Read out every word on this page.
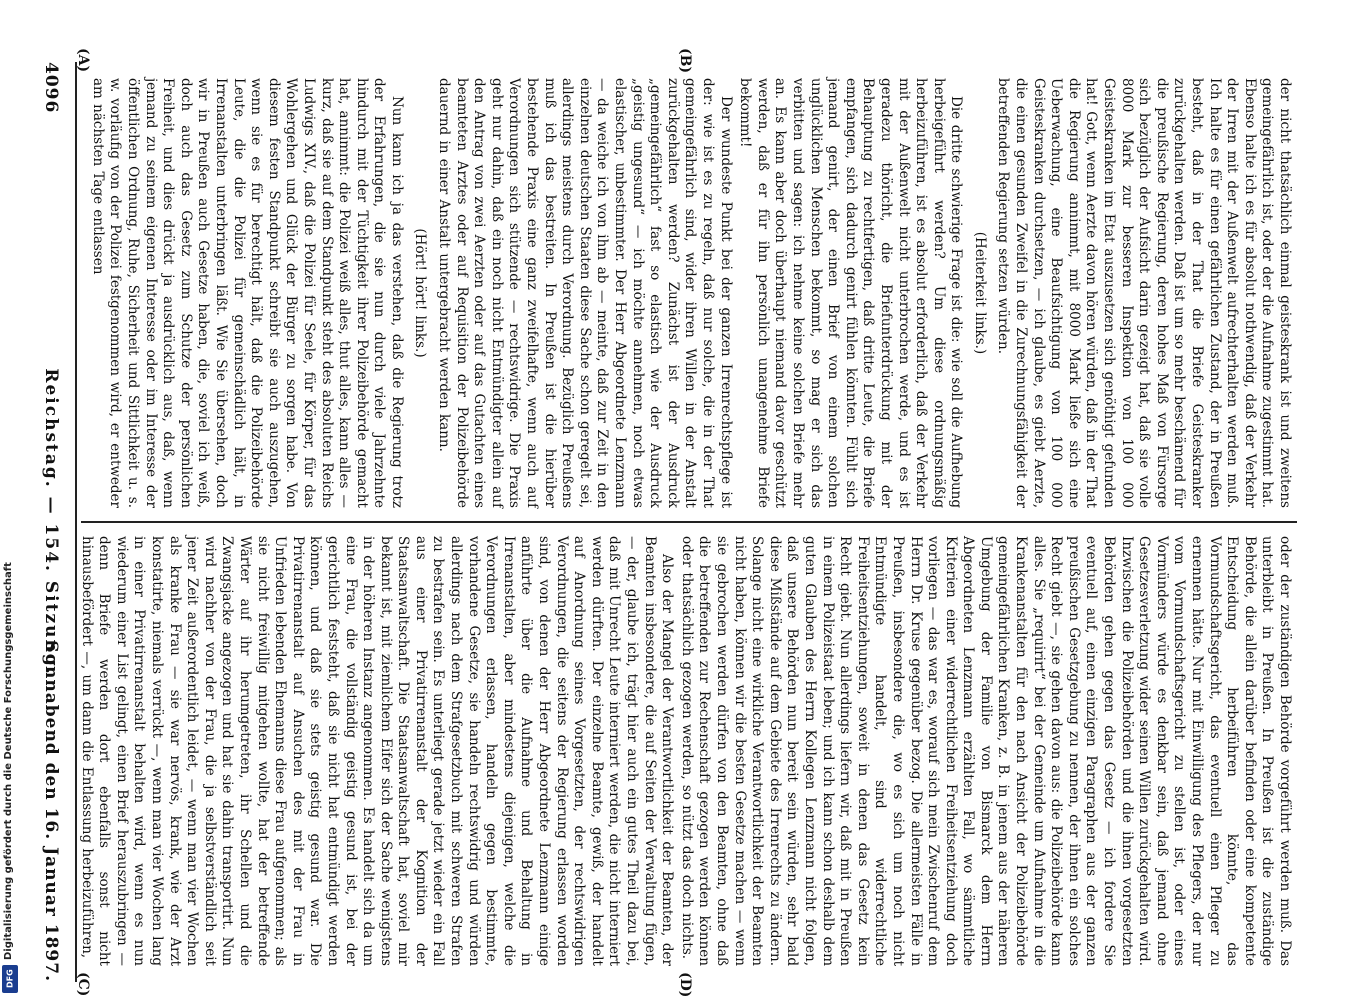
4096
Reichstag. — 154. Sitzung.
Sonnabend den 16. Januar 1897.
(A)	(B)
(C)	(D)

der nicht thatsächlich einmal geisteskrank ist und zweitens gemeingefährlich ist, oder der die Aufnahme zugestimmt hat. Ebenso halte ich es für absolut nothwendig, daß der Verkehr der Irren mit der Außenwelt aufrechterhalten werden muß. Ich halte es für einen gefährlichen Zustand, der in Preußen besteht, daß in der That die Briefe Geisteskranker zurückgehalten werden. Daß ist um so mehr beschämend für die preußische Regierung, deren hohes Maß von Fürsorge sich bezüglich der Aufsicht darin gezeigt hat, daß sie volle 8000 Mark zur besseren Inspektion von 100 000 Geisteskranken im Etat auszusetzen sich genöthigt gefunden hat! Gott, wenn Aerzte davon hören würden, daß in der That die Regierung annimmt, mit 8000 Mark ließe sich eine Ueberwachung, eine Beaufsichtigung von 100 000 Geisteskranken durchsetzen, — ich glaube, es giebt Aerzte, die einen gesunden Zweifel in die Zurechnungsfähigkeit der betreffenden Regierung setzen würden.

(Heiterkeit links.)

Die dritte schwierige Frage ist die: wie soll die Aufhebung herbeigeführt werden? Um diese ordnungsmäßig herbeizuführen, ist es absolut erforderlich, daß der Verkehr mit der Außenwelt nicht unterbrochen werde, und es ist geradezu thöricht, die Briefunterdrückung mit der Behauptung zu rechtfertigen, daß dritte Leute, die Briefe empfangen, sich dadurch genirt fühlen könnten. Fühlt sich jemand genirt, der einen Brief von einem solchen unglücklichen Menschen bekommt, so mag er sich das verbitten und sagen: ich nehme keine solchen Briefe mehr an. Es kann aber doch überhaupt niemand davor geschützt werden, daß er für ihn persönlich unangenehme Briefe bekommt!

Der wundeste Punkt bei der ganzen Irrenrechtspflege ist der: wie ist es zu regeln, daß nur solche, die in der That gemeingefährlich sind, wider ihren Willen in der Anstalt zurückgehalten werden? Zunächst ist der Ausdruck „gemeingefährlich“ fast so elastisch wie der Ausdruck „geistig ungesund“ — ich möchte annehmen, noch etwas elastischer, unbestimmter. Der Herr Abgeordnete Lenzmann — da weiche ich von ihm ab — meinte, daß zur Zeit in den einzelnen deutschen Staaten diese Sache schon geregelt sei, allerdings meistens durch Verordnung. Bezüglich Preußens muß ich das bestreiten. In Preußen ist die hierüber bestehende Praxis eine ganz zweifelhafte, wenn auch auf Verordnungen sich stützende — rechtswidrige. Die Praxis geht nur dahin, daß ein noch nicht Entmündigter allein auf den Antrag von zwei Aerzten oder auf das Gutachten eines beamteten Arztes oder auf Requisition der Polizeibehörde dauernd in einer Anstalt untergebracht werden kann.

(Hört! hört! links.)

Nun kann ich ja das verstehen, daß die Regierung trotz der Erfahrungen, die sie nun durch viele Jahrzehnte hindurch mit der Tüchtigkeit ihrer Polizeibehörde gemacht hat, annimmt: die Polizei weiß alles, thut alles, kann alles — kurz, daß sie auf dem Standpunkt steht des absoluten Reichs Ludwigs XIV., daß die Polizei für Seele, für Körper, für das Wohlergehen und Glück der Bürger zu sorgen habe. Von diesem festen Standpunkt schreibt sie auch auszugehen, wenn sie es für berechtigt hält, daß die Polizeibehörde Leute, die die Polizei für gemeinschädlich hält, in Irrenanstalten unterbringen läßt. Wie Sie übersehen, doch wir in Preußen auch Gesetze haben, die, soviel ich weiß, doch auch das Gesetz zum Schutze der persönlichen Freiheit, und dies drückt ja ausdrücklich aus, daß, wenn jemand zu seinem eigenen Interesse oder im Interesse der öffentlichen Ordnung, Ruhe, Sicherheit und Sittlichkeit u. s. w. vorläufig von der Polizei festgenommen wird, er entweder am nächsten Tage entlassen

oder der zuständigen Behörde vorgeführt werden muß. Das unterbleibt in Preußen. In Preußen ist die zuständige Behörde, die allein darüber befinden oder eine kompetente Entscheidung herbeiführen könnte, das Vormundschaftsgericht, das eventuell einen Pfleger zu ernennen hätte. Nur mit Einwilligung des Pflegers, der nur vom Vormundschaftsgericht zu stellen ist, oder eines Vormünders würde es denkbar sein, daß jemand ohne Gesetzesverletzung wider seinen Willen zurückgehalten wird. Inzwischen die Polizeibehörden und die ihnen vorgesetzten Behörden gehen gegen das Gesetz — ich fordere Sie eventuell auf, einen einzigen Paragraphen aus der ganzen preußischen Gesetzgebung zu nennen, der ihnen ein solches Recht giebt —, sie gehen davon aus: die Polizeibehörde kann alles. Sie „requirirt“ bei der Gemeinde um Aufnahme in die Krankenanstalten für den nach Ansicht der Polizeibehörde gemeingefährlichen Kranken, z. B. in jenem aus der näheren Umgebung der Familie von Bismarck dem Herrn Abgeordneten Lenzmann erzählten Fall, wo sämmtliche Kriterien einer widerrechtlichen Freiheitsentziehung doch vorliegen — das war es, worauf sich mein Zwischenruf dem Herrn Dr. Kruse gegenüber bezog. Die allermeisten Fälle in Preußen, insbesondere die, wo es sich um noch nicht Entmündigte handelt, sind widerrechtliche Freiheitsentziehungen, soweit in denen das Gesetz kein Recht giebt. Nun allerdings liefern wir, daß mit in Preußen in einem Polizeistaat leben; und ich kann schon deshalb dem guten Glauben des Herrn Kollegen Lenzmann nicht folgen, daß unsere Behörden nun bereit sein würden, sehr bald diese Mißstände auf dem Gebiete des Irrenrechts zu ändern. Solange nicht eine wirkliche Verantwortlichkeit der Beamten nicht haben, können wir die besten Gesetze machen — wenn sie gebrochen werden dürfen von den Beamten, ohne daß die betreffenden zur Rechenschaft gezogen werden können oder thatsächlich gezogen werden, so nützt das doch nichts.

Also der Mangel der Verantwortlichkeit der Beamten, der Beamten insbesondere, die auf Seiten der Verwaltung fügen, — der, glaube ich, trägt hier auch ein gutes Theil dazu bei, daß mit Unrecht Leute interniert werden, die nicht interniert werden dürften. Der einzelne Beamte, gewiß, der handelt auf Anordnung seines Vorgesetzten, der rechtswidrigen Verordnungen, die seitens der Regierung erlassen worden sind, von denen der Herr Abgeordnete Lenzmann einige anführte über die Aufnahme und Behaltung in Irrenanstalten, aber mindestens diejenigen, welche die Verordnungen erlassen, handeln gegen bestimmte, vorhandene Gesetze, sie handeln rechtswidrig und würden allerdings nach dem Strafgesetzbuch mit schweren Strafen zu bestrafen sein. Es unterliegt gerade jetzt wieder ein Fall aus einer Privatirrenanstalt der Kognition der Staatsanwaltschaft. Die Staatsanwaltschaft hat, soviel mir bekannt ist, mit ziemlichem Eifer sich der Sache wenigstens in der höheren Instanz angenommen. Es handelt sich da um eine Frau, die vollständig geistig gesund ist, bei der gerichtlich feststeht, daß sie nicht hat entmündigt werden können, und daß sie stets geistig gesund war. Die Privatirrenanstalt auf Ansuchen des mit der Frau in Unfrieden lebenden Ehemanns diese Frau aufgenommen; als sie nicht freiwillig mitgehen wollte, hat der betreffende Wärter auf ihr herumgetreten, ihr Schellen und die Zwangsjacke angezogen und hat sie dahin transportirt. Nun wird nachher von der Frau, die ja selbstverständlich seit jener Zeit außerordentlich leidet, — wenn man vier Wochen als kranke Frau — sie war nervös, krank, wie der Arzt konstatirte, niemals verrückt —, wenn man vier Wochen lang in einer Privatirrenanstalt behalten wird, wenn es nun wiederum einer List gelingt, einen Brief herauszubringen — denn Briefe werden dort ebenfalls sonst nicht hinausbefördert —, um dann die Entlassung herbeizuführen,

Digitalisierung gefördert durch die Deutsche Forschungsgemeinschaft
DFG
